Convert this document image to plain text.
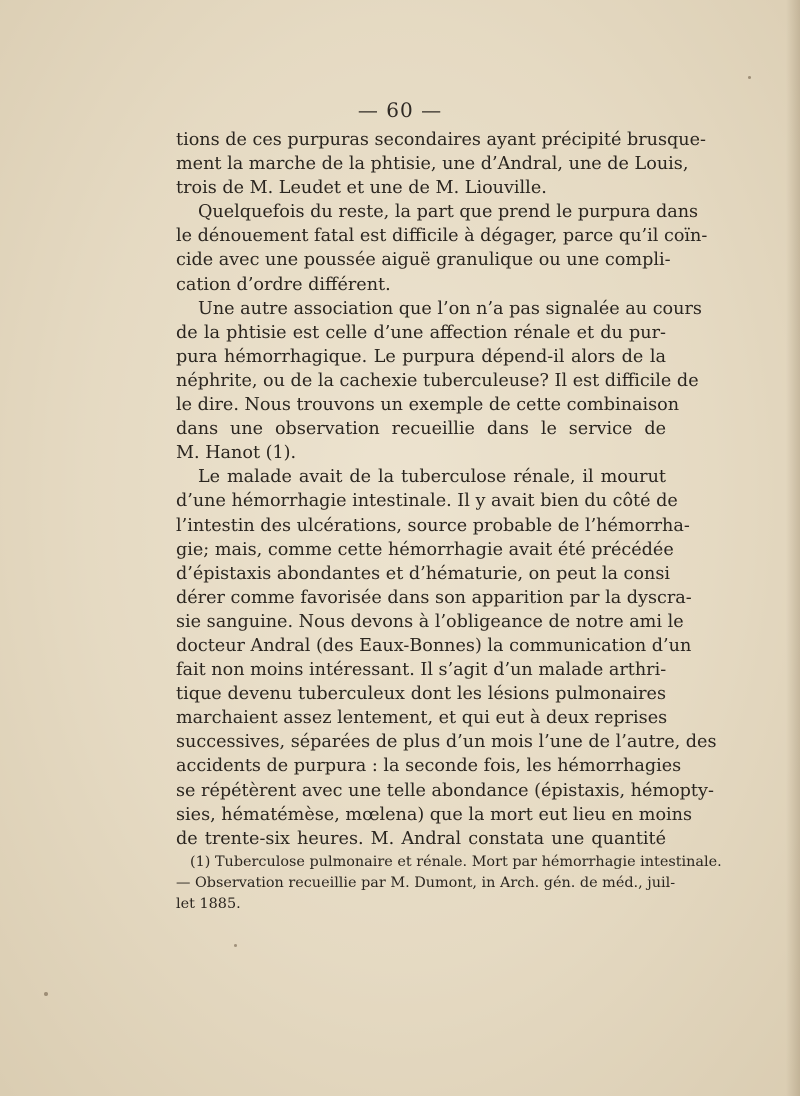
— 60 —
tions de ces purpuras secondaires ayant précipité brusque-
ment la marche de la phtisie, une d’Andral, une de Louis,
trois de M. Leudet et une de M. Liouville.
Quelquefois du reste, la part que prend le purpura dans
le dénouement fatal est difficile à dégager, parce qu’il coïn-
cide avec une poussée aiguë granulique ou une compli-
cation d’ordre différent.
Une autre association que l’on n’a pas signalée au cours
de la phtisie est celle d’une affection rénale et du pur-
pura hémorrhagique. Le purpura dépend-il alors de la
néphrite, ou de la cachexie tuberculeuse? Il est difficile de
le dire. Nous trouvons un exemple de cette combinaison
dans une observation recueillie dans le service de
M. Hanot (1).
Le malade avait de la tuberculose rénale, il mourut
d’une hémorrhagie intestinale. Il y avait bien du côté de
l’intestin des ulcérations, source probable de l’hémorrha-
gie; mais, comme cette hémorrhagie avait été précédée
d’épistaxis abondantes et d’hématurie, on peut la consi
dérer comme favorisée dans son apparition par la dyscra-
sie sanguine. Nous devons à l’obligeance de notre ami le
docteur Andral (des Eaux-Bonnes) la communication d’un
fait non moins intéressant. Il s’agit d’un malade arthri-
tique devenu tuberculeux dont les lésions pulmonaires
marchaient assez lentement, et qui eut à deux reprises
successives, séparées de plus d’un mois l’une de l’autre, des
accidents de purpura : la seconde fois, les hémorrhagies
se répétèrent avec une telle abondance (épistaxis, hémopty-
sies, hématémèse, mœlena) que la mort eut lieu en moins
de trente-six heures. M. Andral constata une quantité
(1) Tuberculose pulmonaire et rénale. Mort par hémorrhagie intestinale.
— Observation recueillie par M. Dumont, in Arch. gén. de méd., juil-
let 1885.
